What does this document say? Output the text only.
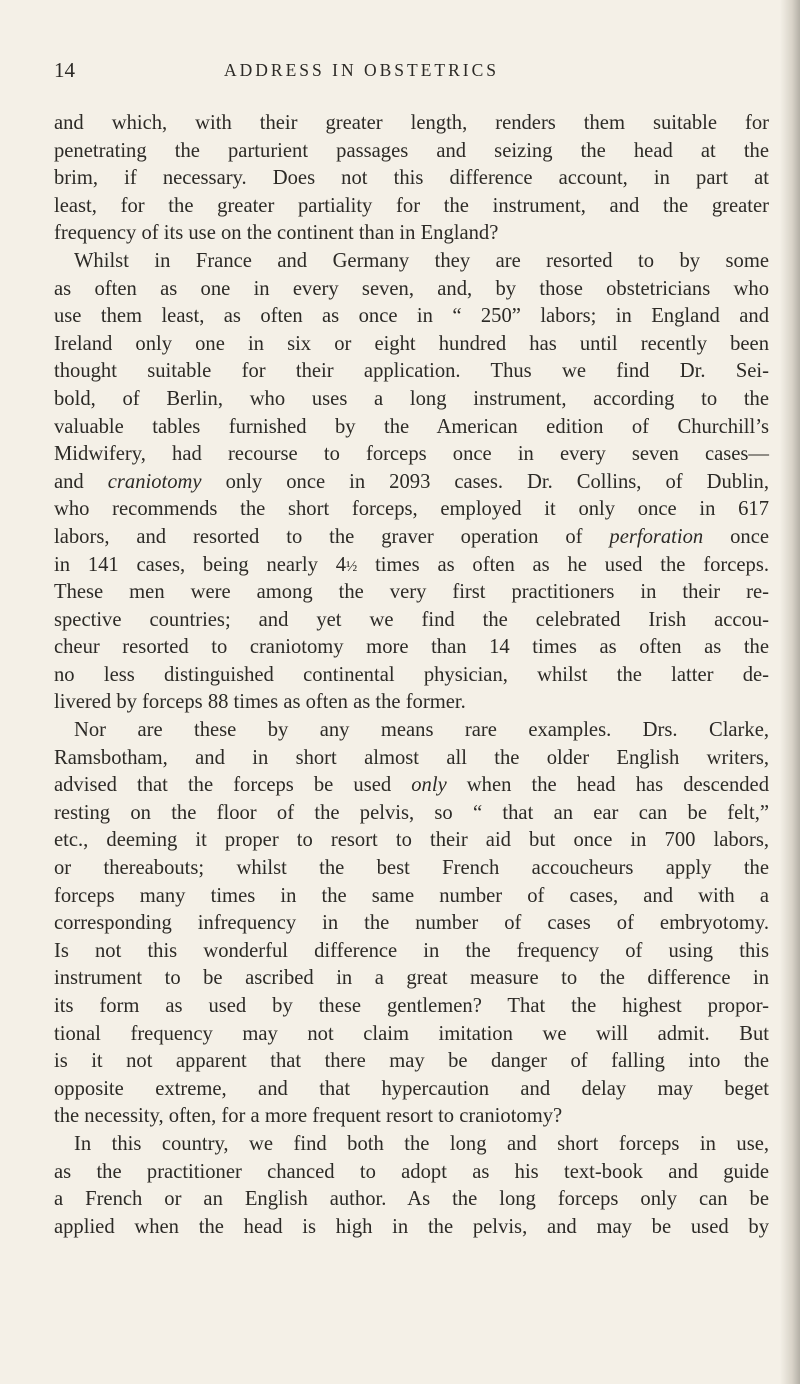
14	ADDRESS IN OBSTETRICS
and which, with their greater length, renders them suitable for
penetrating the parturient passages and seizing the head at the
brim, if necessary. Does not this difference account, in part at
least, for the greater partiality for the instrument, and the greater
frequency of its use on the continent than in England?
Whilst in France and Germany they are resorted to by some
as often as one in every seven, and, by those obstetricians who
use them least, as often as once in “ 250” labors; in England and
Ireland only one in six or eight hundred has until recently been
thought suitable for their application. Thus we find Dr. Sei-
bold, of Berlin, who uses a long instrument, according to the
valuable tables furnished by the American edition of Churchill’s
Midwifery, had recourse to forceps once in every seven cases—
and craniotomy only once in 2093 cases. Dr. Collins, of Dublin,
who recommends the short forceps, employed it only once in 617
labors, and resorted to the graver operation of perforation once
in 141 cases, being nearly 4½ times as often as he used the forceps.
These men were among the very first practitioners in their re-
spective countries; and yet we find the celebrated Irish accou-
cheur resorted to craniotomy more than 14 times as often as the
no less distinguished continental physician, whilst the latter de-
livered by forceps 88 times as often as the former.
Nor are these by any means rare examples. Drs. Clarke,
Ramsbotham, and in short almost all the older English writers,
advised that the forceps be used only when the head has descended
resting on the floor of the pelvis, so “ that an ear can be felt,”
etc., deeming it proper to resort to their aid but once in 700 labors,
or thereabouts; whilst the best French accoucheurs apply the
forceps many times in the same number of cases, and with a
corresponding infrequency in the number of cases of embryotomy.
Is not this wonderful difference in the frequency of using this
instrument to be ascribed in a great measure to the difference in
its form as used by these gentlemen? That the highest propor-
tional frequency may not claim imitation we will admit. But
is it not apparent that there may be danger of falling into the
opposite extreme, and that hypercaution and delay may beget
the necessity, often, for a more frequent resort to craniotomy?
In this country, we find both the long and short forceps in use,
as the practitioner chanced to adopt as his text-book and guide
a French or an English author. As the long forceps only can be
applied when the head is high in the pelvis, and may be used by
